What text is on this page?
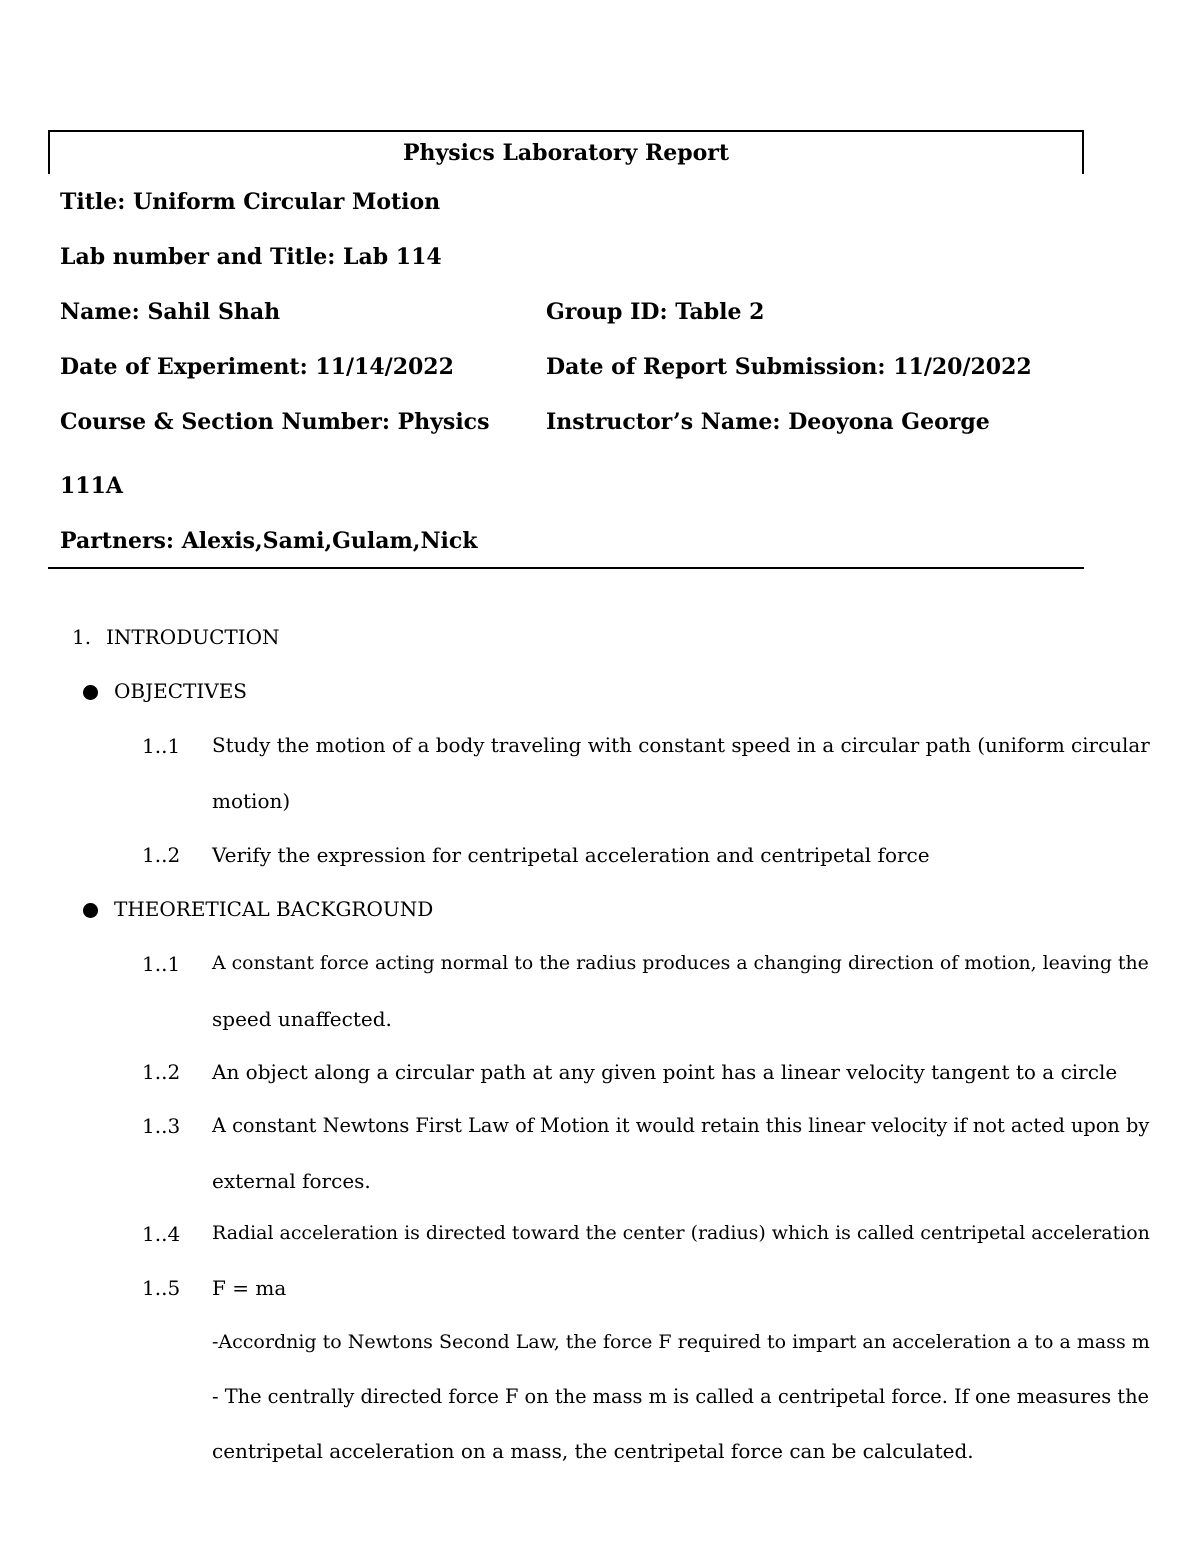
Physics Laboratory Report
Title: Uniform Circular Motion
Lab number and Title: Lab 114
Name: Sahil Shah	Group ID: Table 2
Date of Experiment: 11/14/2022	Date of Report Submission: 11/20/2022
Course & Section Number: Physics	Instructor’s Name: Deoyona George
111A
Partners: Alexis,Sami,Gulam,Nick
1. INTRODUCTION
OBJECTIVES
1..1 Study the motion of a body traveling with constant speed in a circular path (uniform circular
motion)
1..2 Verify the expression for centripetal acceleration and centripetal force
THEORETICAL BACKGROUND
1..1 A constant force acting normal to the radius produces a changing direction of motion, leaving the
speed unaffected.
1..2 An object along a circular path at any given point has a linear velocity tangent to a circle
1..3 A constant Newtons First Law of Motion it would retain this linear velocity if not acted upon by
external forces.
1..4 Radial acceleration is directed toward the center (radius) which is called centripetal acceleration
1..5 F = ma
-Accordnig to Newtons Second Law, the force F required to impart an acceleration a to a mass m
- The centrally directed force F on the mass m is called a centripetal force. If one measures the
centripetal acceleration on a mass, the centripetal force can be calculated.
